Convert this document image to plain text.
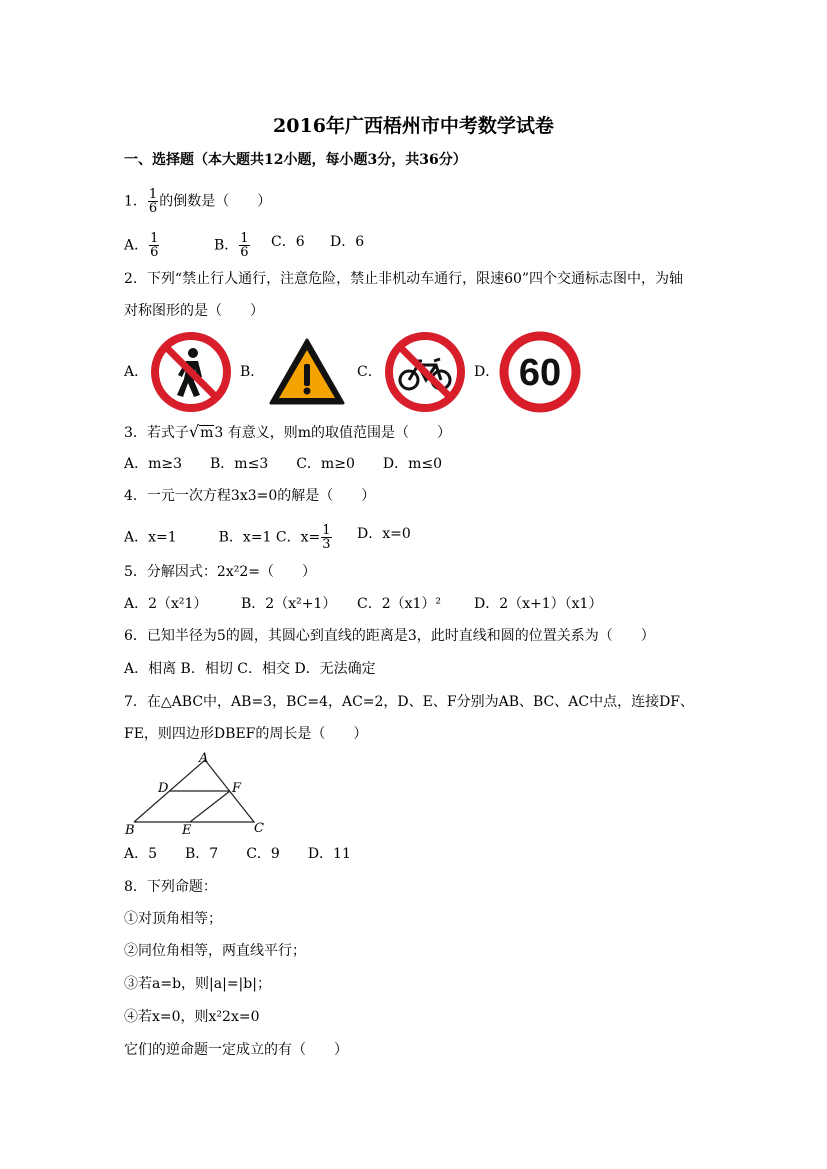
2016年广西梧州市中考数学试卷
一、选择题（本大题共12小题，每小题3分，共36分）
1． $\frac{1}{6}$ 的倒数是（　　）
A． $\frac{1}{6}$	B． $\frac{1}{6}$ C．6 D．6
2．下列“禁止行人通行，注意危险，禁止非机动车通行，限速60”四个交通标志图中，为轴
对称图形的是（　　）
A．	B．	C．	D． 60
3．若式子√m3 有意义，则m的取值范围是（　　）
A．m≥3　　B．m≤3　　C．m≥0　　D．m≤0
4．一元一次方程3x3=0的解是（　　）
A．x=1　　　B．x=1 C．$x= \frac{1}{3}$ D．x=0
5．分解因式：2x²2=（　　）
A．2（x²1） B．2（x²+1） C．2（x1）² D．2（x+1）（x1）
6．已知半径为5的圆，其圆心到直线的距离是3，此时直线和圆的位置关系为（　　）
A．相离 B．相切 C．相交 D．无法确定
7．在△ABC中，AB=3，BC=4，AC=2，D、E、F分别为AB、BC、AC中点，连接DF、
FE，则四边形DBEF的周长是（　　）
A
D	F
B	E	C
A．5　　B．7　　C．9　　D．11
8．下列命题：
①对顶角相等；
②同位角相等，两直线平行；
③若a=b，则|a|=|b|；
④若x=0，则x²2x=0
它们的逆命题一定成立的有（　　）
